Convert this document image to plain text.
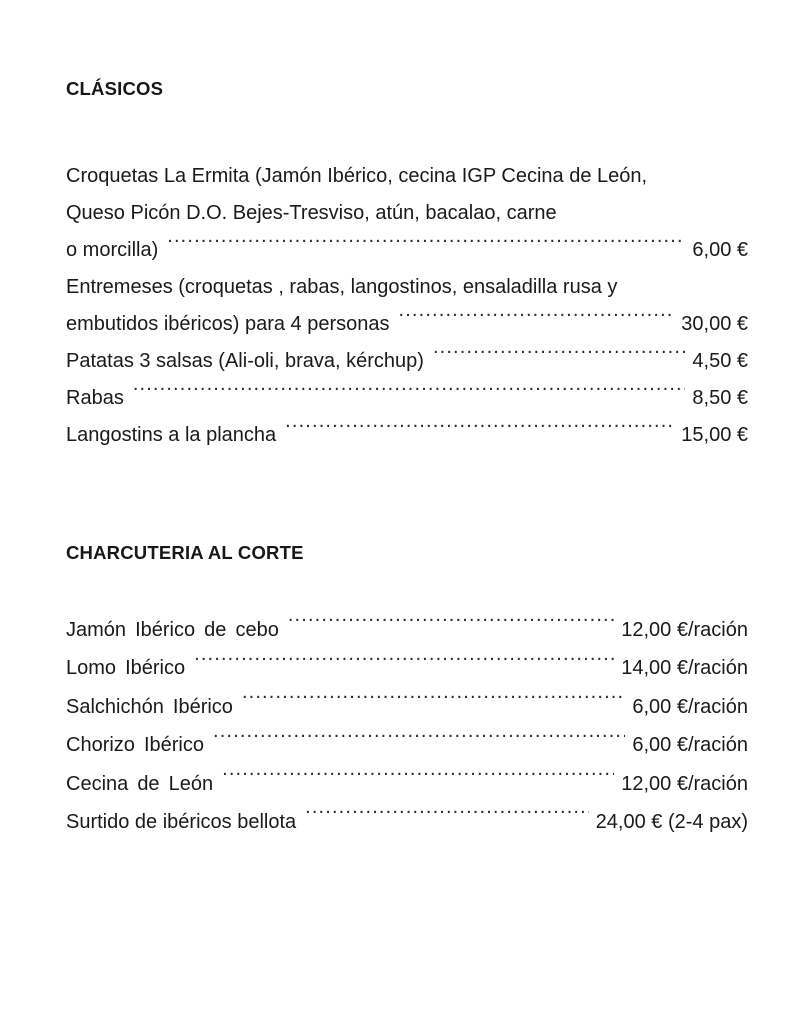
CLÁSICOS
Croquetas La Ermita (Jamón Ibérico, cecina IGP Cecina de León,
Queso Picón D.O. Bejes-Tresviso, atún, bacalao, carne
o morcilla) .....	6,00 €
Entremeses (croquetas , rabas, langostinos, ensaladilla rusa y
embutidos ibéricos) para 4 personas .....	30,00 €
Patatas 3 salsas (Ali-oli, brava, kérchup) .....	4,50 €
Rabas .....	8,50 €
Langostins a la plancha .....	15,00 €
CHARCUTERIA AL CORTE
Jamón Ibérico de cebo .....	12,00 €/ración
Lomo Ibérico .....	14,00 €/ración
Salchichón Ibérico .....	6,00 €/ración
Chorizo Ibérico .....	6,00 €/ración
Cecina de León .....	12,00 €/ración
Surtido de ibéricos bellota .....	24,00 € (2-4 pax)
